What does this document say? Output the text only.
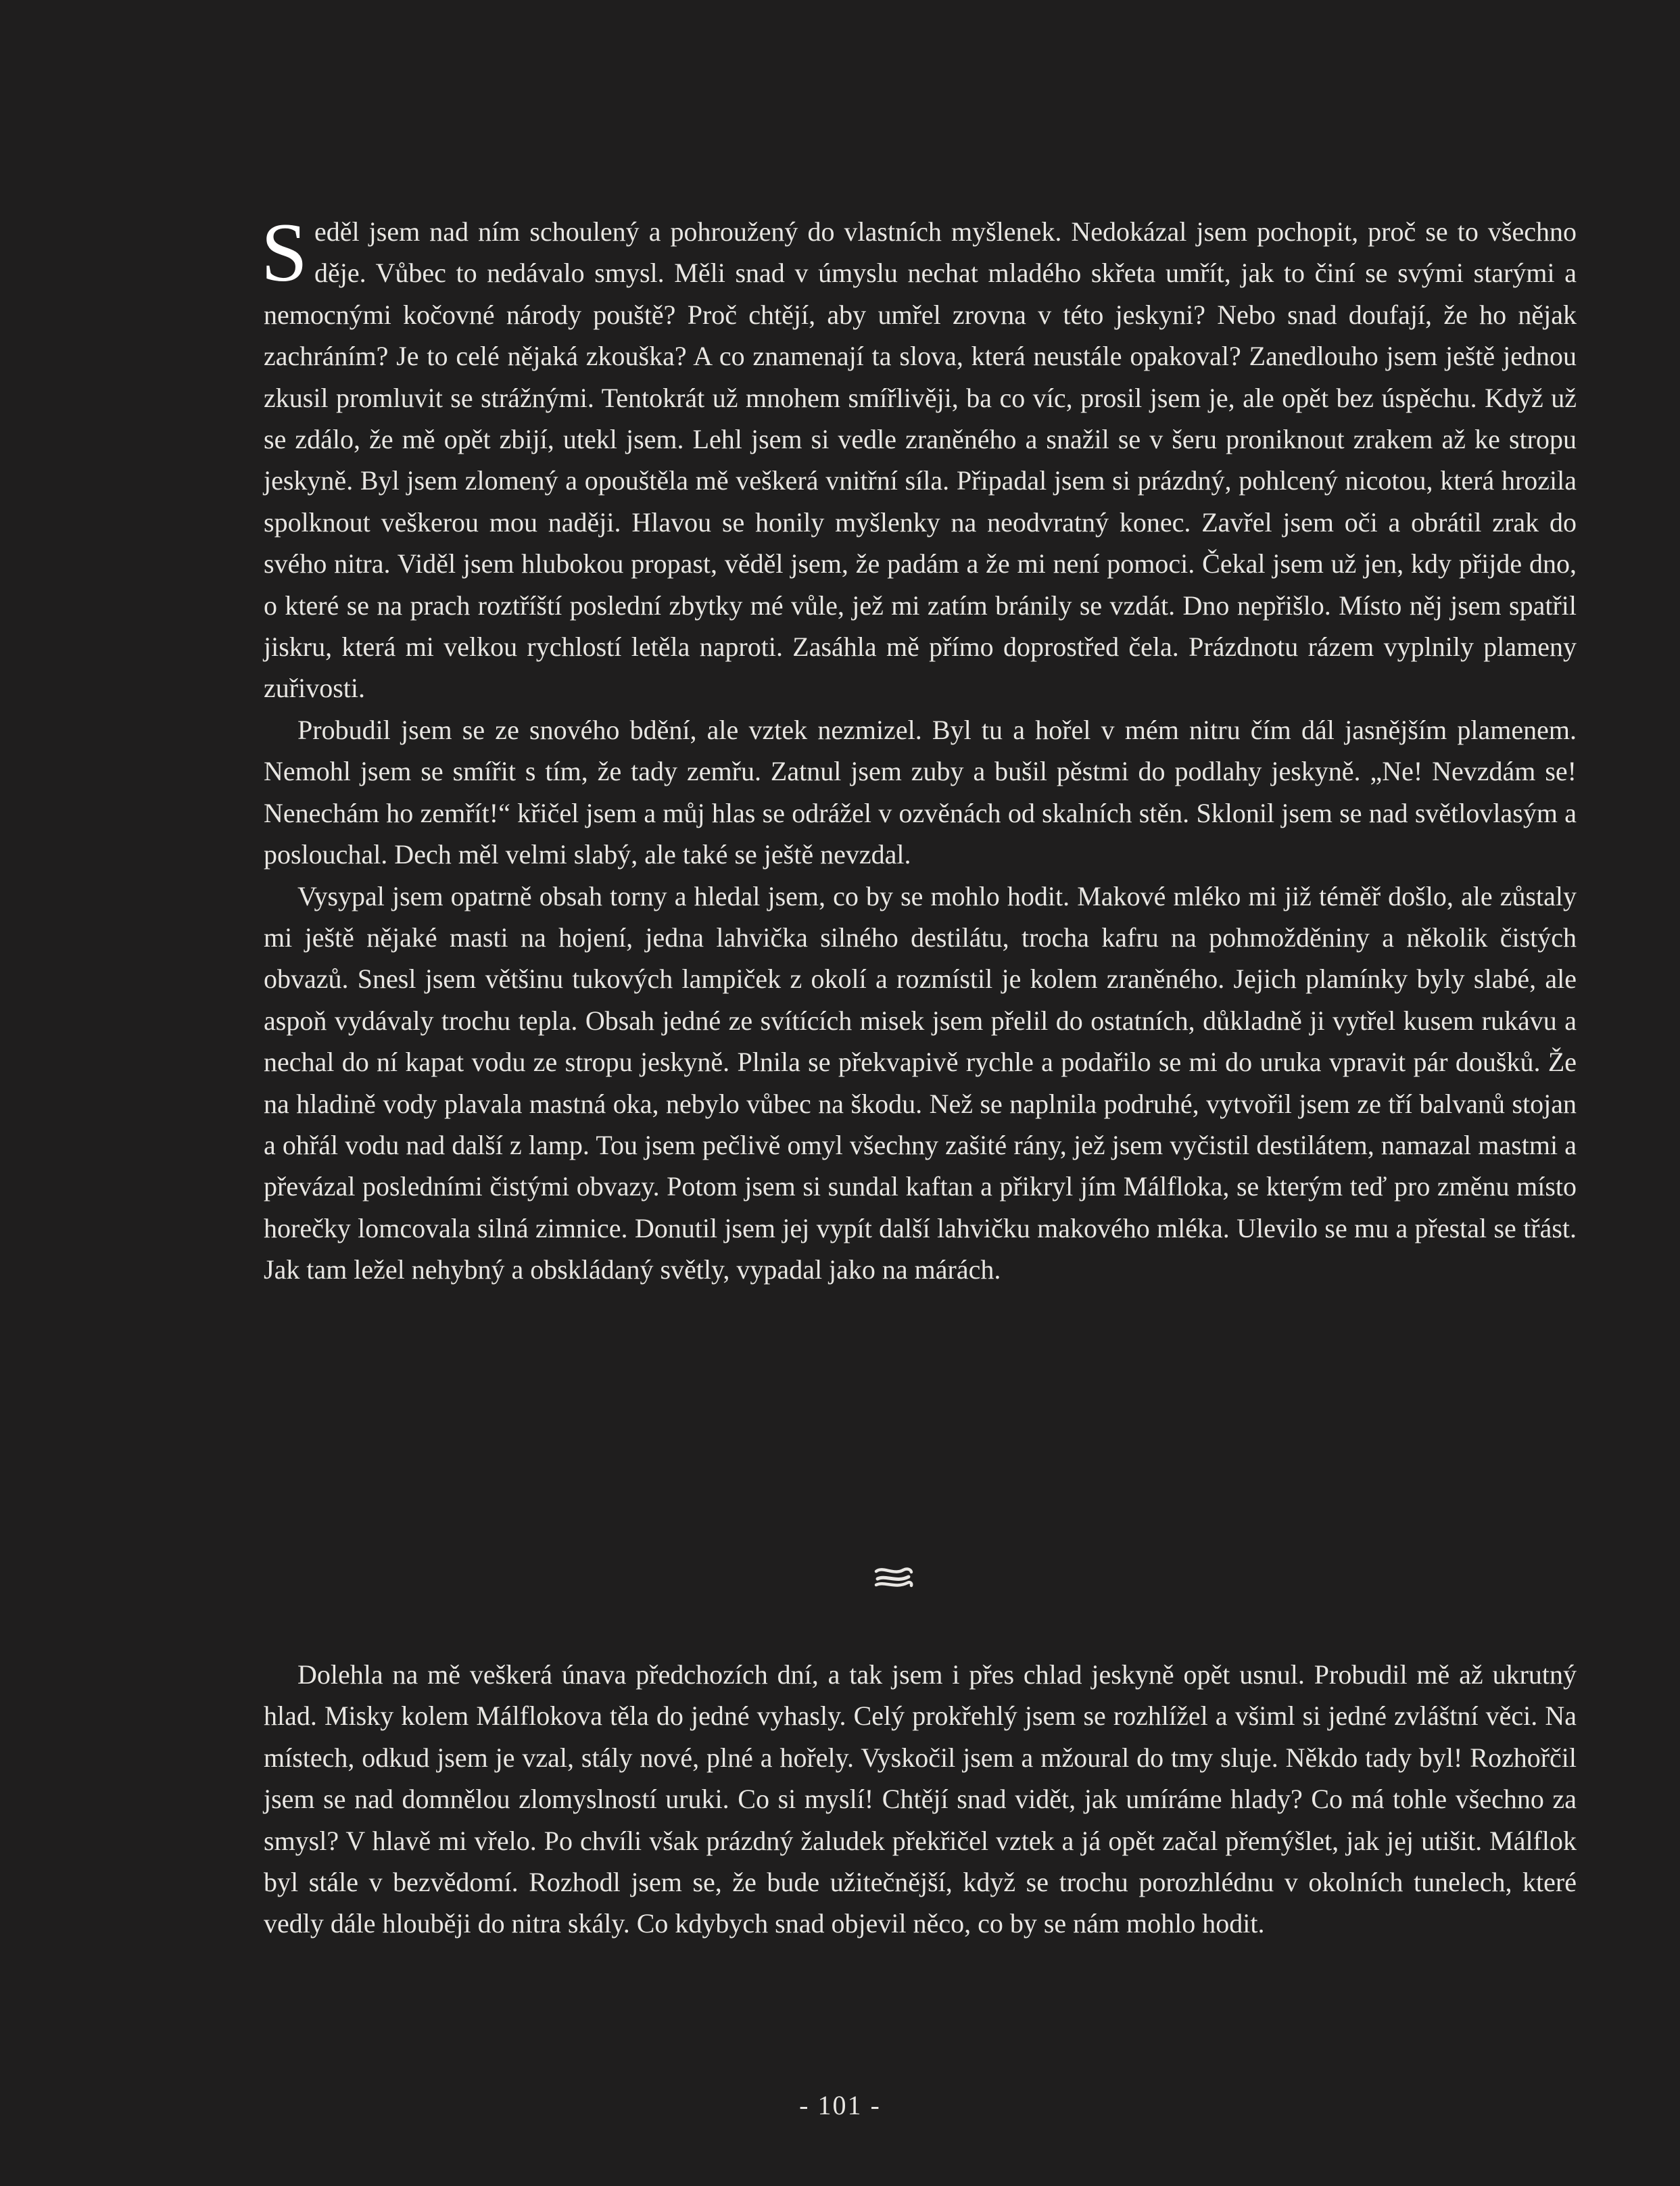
Seděl jsem nad ním schoulený a pohroužený do vlastních myšlenek. Nedokázal jsem pochopit, proč se to všechno děje. Vůbec to nedávalo smysl. Měli snad v úmyslu nechat mladého skřeta umřít, jak to činí se svými starými a nemocnými kočovné národy pouště? Proč chtějí, aby umřel zrovna v této jeskyni? Nebo snad doufají, že ho nějak zachráním? Je to celé nějaká zkouška? A co znamenají ta slova, která neustále opakoval? Zanedlouho jsem ještě jednou zkusil promluvit se strážnými. Tentokrát už mnohem smířlivěji, ba co víc, prosil jsem je, ale opět bez úspěchu. Když už se zdálo, že mě opět zbijí, utekl jsem. Lehl jsem si vedle zraněného a snažil se v šeru proniknout zrakem až ke stropu jeskyně. Byl jsem zlomený a opouštěla mě veškerá vnitřní síla. Připadal jsem si prázdný, pohlcený nicotou, která hrozila spolknout veškerou mou naději. Hlavou se honily myšlenky na neodvratný konec. Zavřel jsem oči a obrátil zrak do svého nitra. Viděl jsem hlubokou propast, věděl jsem, že padám a že mi není pomoci. Čekal jsem už jen, kdy přijde dno, o které se na prach roztříští poslední zbytky mé vůle, jež mi zatím bránily se vzdát. Dno nepřišlo. Místo něj jsem spatřil jiskru, která mi velkou rychlostí letěla naproti. Zasáhla mě přímo doprostřed čela. Prázdnotu rázem vyplnily plameny zuřivosti.

Probudil jsem se ze snového bdění, ale vztek nezmizel. Byl tu a hořel v mém nitru čím dál jasnějším plamenem. Nemohl jsem se smířit s tím, že tady zemřu. Zatnul jsem zuby a bušil pěstmi do podlahy jeskyně. „Ne! Nevzdám se! Nenechám ho zemřít!“ křičel jsem a můj hlas se odrážel v ozvěnách od skalních stěn. Sklonil jsem se nad světlovlasým a poslouchal. Dech měl velmi slabý, ale také se ještě nevzdal.

Vysypal jsem opatrně obsah torny a hledal jsem, co by se mohlo hodit. Makové mléko mi již téměř došlo, ale zůstaly mi ještě nějaké masti na hojení, jedna lahvička silného destilátu, trocha kafru na pohmožděniny a několik čistých obvazů. Snesl jsem většinu tukových lampiček z okolí a rozmístil je kolem zraněného. Jejich plamínky byly slabé, ale aspoň vydávaly trochu tepla. Obsah jedné ze svítících misek jsem přelil do ostatních, důkladně ji vytřel kusem rukávu a nechal do ní kapat vodu ze stropu jeskyně. Plnila se překvapivě rychle a podařilo se mi do uruka vpravit pár doušků. Že na hladině vody plavala mastná oka, nebylo vůbec na škodu. Než se naplnila podruhé, vytvořil jsem ze tří balvanů stojan a ohřál vodu nad další z lamp. Tou jsem pečlivě omyl všechny zašité rány, jež jsem vyčistil destilátem, namazal mastmi a převázal posledními čistými obvazy. Potom jsem si sundal kaftan a přikryl jím Málfloka, se kterým teď pro změnu místo horečky lomcovala silná zimnice. Donutil jsem jej vypít další lahvičku makového mléka. Ulevilo se mu a přestal se třást. Jak tam ležel nehybný a obskládaný světly, vypadal jako na márách.

Dolehla na mě veškerá únava předchozích dní, a tak jsem i přes chlad jeskyně opět usnul. Probudil mě až ukrutný hlad. Misky kolem Málflokova těla do jedné vyhasly. Celý prokřehlý jsem se rozhlížel a všiml si jedné zvláštní věci. Na místech, odkud jsem je vzal, stály nové, plné a hořely. Vyskočil jsem a mžoural do tmy sluje. Někdo tady byl! Rozhořčil jsem se nad domnělou zlomyslností uruki. Co si myslí! Chtějí snad vidět, jak umíráme hlady? Co má tohle všechno za smysl? V hlavě mi vřelo. Po chvíli však prázdný žaludek překřičel vztek a já opět začal přemýšlet, jak jej utišit. Málflok byl stále v bezvědomí. Rozhodl jsem se, že bude užitečnější, když se trochu porozhlédnu v okolních tunelech, které vedly dále hlouběji do nitra skály. Co kdybych snad objevil něco, co by se nám mohlo hodit.

- 101 -
